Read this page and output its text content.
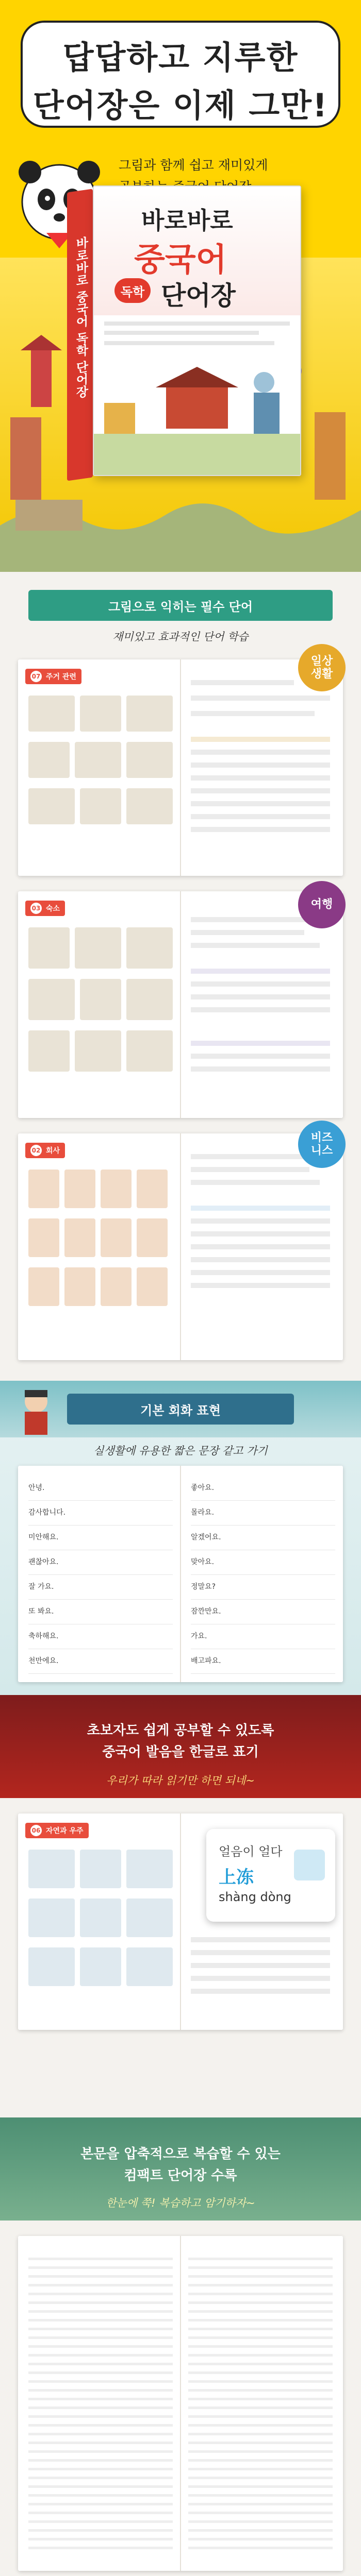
답답하고 지루한
단어장은 이제 그만!
그림과 함께 쉽고 재미있게
바로바로 중국어 독학 단어장
바로바로
중국어
독학 단어장
그림으로 익히는 필수 단어
재미있고 효과적인 단어 학습
07 주거 관련
일상
생활
03 숙소	여행
02 회사
비즈
니스
기본 회화 표현
실생활에 유용한 짧은 문장 같고 가기
안녕.
감사합니다.
미안해요.
괜찮아요.
잘 가요.
또 봐요.
축하해요.
천만에요.
좋아요.
몰라요.
알겠어요.
맞아요.
정말요?
잠깐만요.
가요.
배고파요.
초보자도 쉽게 공부할 수 있도록
중국어 발음을 한글로 표기
우리가 따라 읽기만 하면 되네~
06 자연과 우주
얼음이 얼다
上冻
shàng dòng
본문을 압축적으로 복습할 수 있는
컴팩트 단어장 수록
한눈에 쭉! 복습하고 암기하자~
